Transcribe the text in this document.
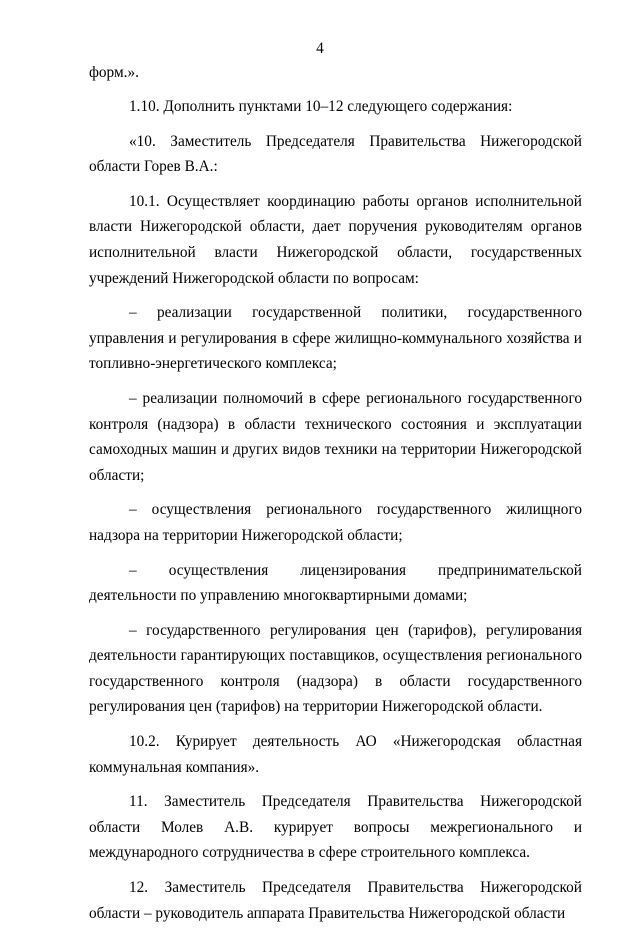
4

форм.».

1.10. Дополнить пунктами 10–12 следующего содержания:

«10. Заместитель Председателя Правительства Нижегородской области Горев В.А.:

10.1. Осуществляет координацию работы органов исполнительной власти Нижегородской области, дает поручения руководителям органов исполнительной власти Нижегородской области, государственных учреждений Нижегородской области по вопросам:

– реализации государственной политики, государственного управления и регулирования в сфере жилищно-коммунального хозяйства и топливно-энергетического комплекса;

– реализации полномочий в сфере регионального государственного контроля (надзора) в области технического состояния и эксплуатации самоходных машин и других видов техники на территории Нижегородской области;

– осуществления регионального государственного жилищного надзора на территории Нижегородской области;

– осуществления лицензирования предпринимательской деятельности по управлению многоквартирными домами;

– государственного регулирования цен (тарифов), регулирования деятельности гарантирующих поставщиков, осуществления регионального государственного контроля (надзора) в области государственного регулирования цен (тарифов) на территории Нижегородской области.

10.2. Курирует деятельность АО «Нижегородская областная коммунальная компания».

11. Заместитель Председателя Правительства Нижегородской области Молев А.В. курирует вопросы межрегионального и международного сотрудничества в сфере строительного комплекса.

12. Заместитель Председателя Правительства Нижегородской области – руководитель аппарата Правительства Нижегородской области
